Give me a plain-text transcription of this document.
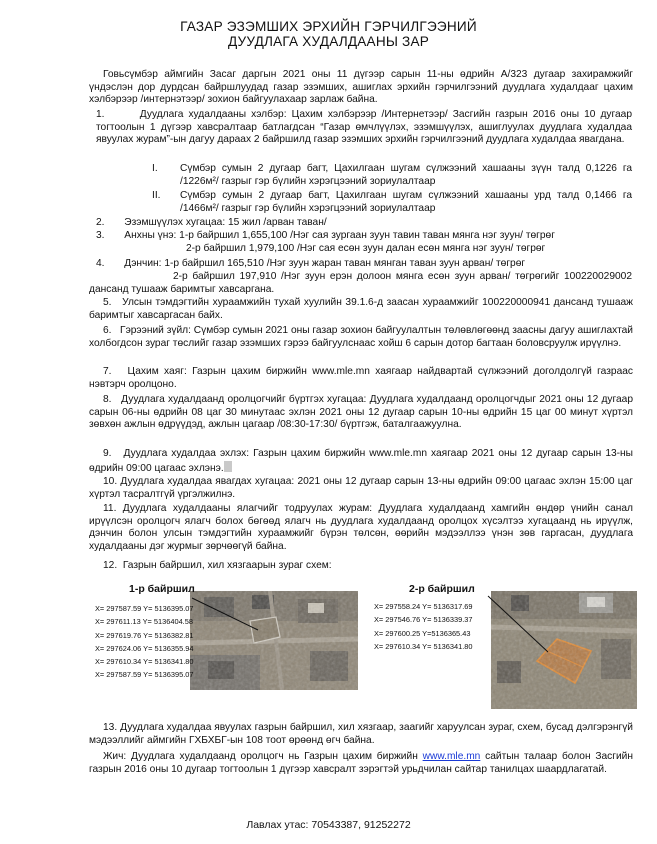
ГАЗАР ЭЗЭМШИХ ЭРХИЙН ГЭРЧИЛГЭЭНИЙ
ДУУДЛАГА ХУДАЛДААНЫ ЗАР
Говьсүмбэр аймгийн Засаг даргын 2021 оны 11 дүгээр сарын 11-ны өдрийн А/323 дугаар захирамжийг үндэслэн дор дурдсан байршлуудад газар эзэмших, ашиглах эрхийн гэрчилгээний дуудлага худалдааг цахим хэлбэрээр /интернэтээр/ зохион байгуулахаар зарлаж байна.
1.       Дуудлага худалдааны хэлбэр: Цахим хэлбэрээр /Интернетээр/ Засгийн газрын 2016 оны 10 дугаар тогтоолын 1 дүгээр хавсралтаар батлагдсан “Газар өмчлүүлэх, эзэмшүүлэх, ашиглуулах дуудлага худалдаа явуулах журам”-ын дагуу дараах 2 байршилд газар эзэмших эрхийн гэрчилгээний дуудлага худалдаа явагдана.
I. Сүмбэр сумын 2 дугаар багт, Цахилгаан шугам сүлжээний хашааны зүүн талд 0,1226 га /1226м²/ газрыг гэр бүлийн хэрэгцээний зориулалтаар
II. Сүмбэр сумын 2 дугаар багт, Цахилгаан шугам сүлжээний хашааны урд талд 0,1466 га /1466м²/ газрыг гэр бүлийн хэрэгцээний зориулалтаар
2.       Эзэмшүүлэх хугацаа: 15 жил /арван таван/
3.       Анхны үнэ: 1-р байршил 1,655,100 /Нэг сая зургаан зуун тавин таван мянга нэг зуун/ төгрөг
2-р байршил 1,979,100 /Нэг сая есөн зуун далан есөн мянга нэг зуун/ төгрөг
4.       Дэнчин: 1-р байршил 165,510 /Нэг зуун жаран таван мянган таван зуун арван/ төгрөг
2-р байршил 197,910 /Нэг зуун ерэн долоон мянга есөн зуун арван/ төгрөгийг 100220029002 дансанд тушааж баримтыг хавсаргана.
5.   Улсын тэмдэгтийн хураамжийн тухай хуулийн 39.1.6-д заасан хураамжийг 100220000941 дансанд тушааж баримтыг хавсаргасан байх.
6.   Гэрээний зүйл: Сүмбэр сумын 2021 оны газар зохион байгуулалтын төлөвлөгөөнд заасны дагуу ашиглахтай холбогдсон зураг төслийг газар эзэмших гэрээ байгуулснаас хойш 6 сарын дотор багтаан боловсруулж ирүүлнэ.
7.   Цахим хаяг: Газрын цахим биржийн www.mle.mn хаягаар найдвартай сүлжээний доголдолгүй газраас нэвтэрч оролцоно.
8.   Дуудлага худалдаанд оролцогчийг бүртгэх хугацаа: Дуудлага худалдаанд оролцогчдыг 2021 оны 12 дугаар сарын 06-ны өдрийн 08 цаг 30 минутаас эхлэн 2021 оны 12 дугаар сарын 10-ны өдрийн 15 цаг 00 минут хүртэл зөвхөн ажлын өдрүүдэд, ажлын цагаар /08:30-17:30/ бүртгэж, баталгаажуулна.
9.   Дуудлага худалдаа эхлэх: Газрын цахим биржийн www.mle.mn хаягаар 2021 оны 12 дугаар сарын 13-ны өдрийн 09:00 цагаас эхлэнэ.
10. Дуудлага худалдаа явагдах хугацаа: 2021 оны 12 дугаар сарын 13-ны өдрийн 09:00 цагаас эхлэн 15:00 цаг хүртэл тасралтгүй үргэлжилнэ.
11. Дуудлага худалдааны ялагчийг тодруулах журам: Дуудлага худалдаанд хамгийн өндөр үнийн санал ирүүлсэн оролцогч ялагч болох бөгөөд ялагч нь дуудлага худалдаанд оролцох хүсэлтээ хугацаанд нь ирүүлж, дэнчин болон улсын тэмдэгтийн хураамжийг бүрэн төлсөн, өөрийн мэдээллээ үнэн зөв гаргасан, дуудлага худалдааны дэг журмыг зөрчөөгүй байна.
12.  Газрын байршил, хил хязгаарын зураг схем:
1-р байршил
X= 297587.59 Y= 5136395.07
X= 297611.13 Y= 5136404.58
X= 297619.76 Y= 5136382.81
X= 297624.06 Y= 5136355.94
X= 297610.34 Y= 5136341.80
X= 297587.59 Y= 5136395.07
2-р байршил
X= 297558.24 Y= 5136317.69
X= 297546.76 Y= 5136339.37
X= 297600.25 Y=5136365.43
X= 297610.34 Y= 5136341.80
13. Дуудлага худалдаа явуулах газрын байршил, хил хязгаар, заагийг харуулсан зураг, схем, бусад дэлгэрэнгүй мэдээллийг аймгийн ГХБХБГ-ын 108 тоот өрөөнд өгч байна.
Жич: Дуудлага худалдаанд оролцогч нь Газрын цахим биржийн www.mle.mn сайтын талаар болон Засгийн газрын 2016 оны 10 дугаар тогтоолын 1 дүгээр хавсралт зэрэгтэй урьдчилан сайтар танилцах шаардлагатай.
Лавлах утас: 70543387, 91252272
